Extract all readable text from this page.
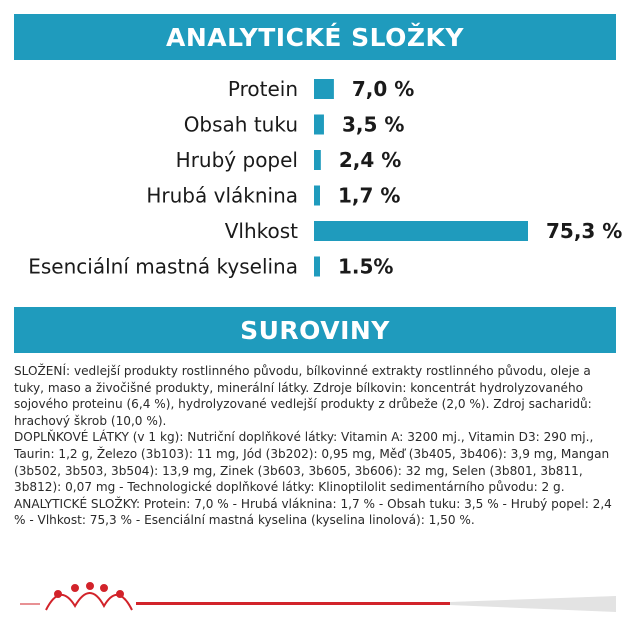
ANALYTICKÉ SLOŽKY
Protein	7,0 %
Obsah tuku 3,5 %
Hrubý popel 2,4 %
Hrubá vláknina 1,7 %
Vlhkost	75,3 %
Esenciální mastná kyselina 1.5%
SUROVINY

SLOŽENÍ: vedlejší produkty rostlinného původu, bílkovinné extrakty rostlinného původu, oleje a tuky, maso a živočišné produkty, minerální látky. Zdroje bílkovin: koncentrát hydrolyzovaného sojového proteinu (6,4 %), hydrolyzované vedlejší produkty z drůbeže (2,0 %). Zdroj sacharidů: hrachový škrob (10,0 %).

DOPLŇKOVÉ LÁTKY (v 1 kg): Nutriční doplňkové látky: Vitamin A: 3200 mj., Vitamin D3: 290 mj., Taurin: 1,2 g, Železo (3b103): 11 mg, Jód (3b202): 0,95 mg, Měď (3b405, 3b406): 3,9 mg, Mangan (3b502, 3b503, 3b504): 13,9 mg, Zinek (3b603, 3b605, 3b606): 32 mg, Selen (3b801, 3b811, 3b812): 0,07 mg - Technologické doplňkové látky: Klinoptilolit sedimentárního původu: 2 g.

ANALYTICKÉ SLOŽKY: Protein: 7,0 % - Hrubá vláknina: 1,7 % - Obsah tuku: 3,5 % - Hrubý popel: 2,4 % - Vlhkost: 75,3 % - Esenciální mastná kyselina (kyselina linolová): 1,50 %.
